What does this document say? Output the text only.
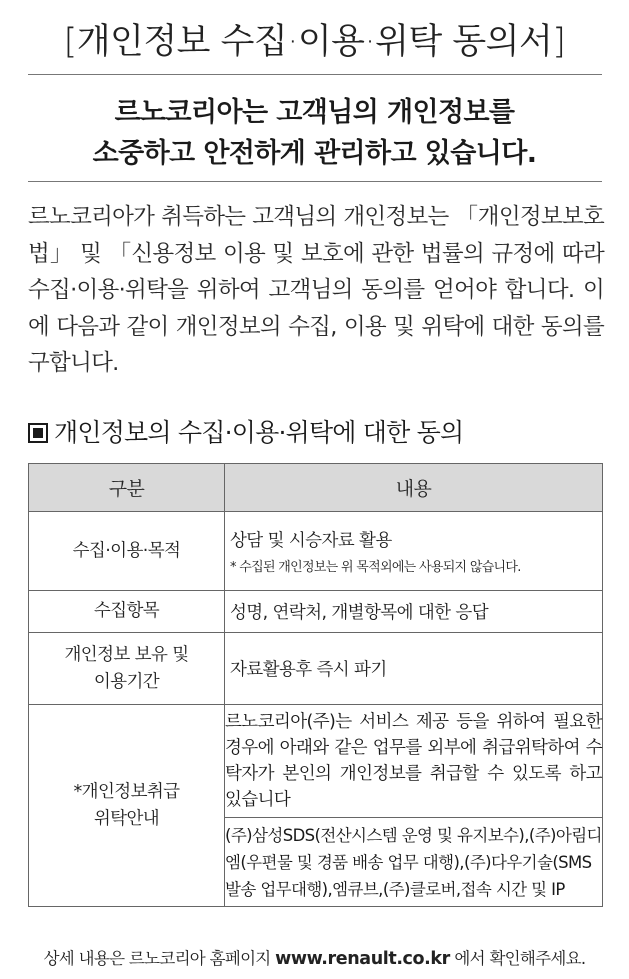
[개인정보 수집·이용·위탁 동의서]
르노코리아는 고객님의 개인정보를
소중하고 안전하게 관리하고 있습니다.
르노코리아가 취득하는 고객님의 개인정보는 「개인정보보호법」 및 「신용정보 이용 및 보호에 관한 법률의 규정에 따라 수집·이용·위탁을 위하여 고객님의 동의를 얻어야 합니다. 이에 다음과 같이 개인정보의 수집, 이용 및 위탁에 대한 동의를 구합니다.
개인정보의 수집·이용·위탁에 대한 동의
구분	내용
수집·이용·목적	상담 및 시승자료 활용
* 수집된 개인정보는 위 목적외에는 사용되지 않습니다.

수집항목	성명, 연락처, 개별항목에 대한 응답

개인정보 보유 및
이용기간	자료활용후 즉시 파기

*개인정보취급
위탁안내	르노코리아(주)는 서비스 제공 등을 위하여 필요한 경우에 아래와 같은 업무를 외부에 취급위탁하여 수탁자가 본인의 개인정보를 취급할 수 있도록 하고 있습니다
	(주)삼성SDS(전산시스템 운영 및 유지보수),(주)아림디엠(우편물 및 경품 배송 업무 대행),(주)다우기술(SMS발송 업무대행),엠큐브,(주)클로버,접속 시간 및 IP
상세 내용은 르노코리아 홈페이지 www.renault.co.kr 에서 확인해주세요.
